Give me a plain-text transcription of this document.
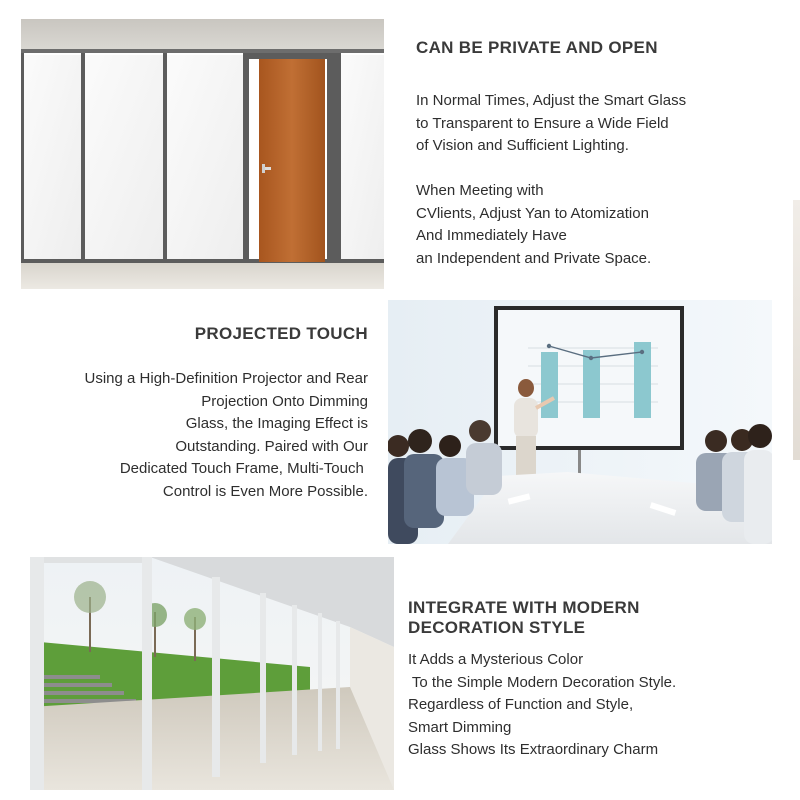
CAN BE PRIVATE AND OPEN
In Normal Times, Adjust the Smart Glass
to Transparent to Ensure a Wide Field
of Vision and Sufficient Lighting.
When Meeting with
CVlients, Adjust Yan to Atomization
And Immediately Have
an Independent and Private Space.
PROJECTED TOUCH
Using a High-Definition Projector and Rear
Projection Onto Dimming
Glass, the Imaging Effect is
Outstanding. Paired with Our
Dedicated Touch Frame, Multi-Touch
Control is Even More Possible.
INTEGRATE WITH MODERN
DECORATION STYLE
It Adds a Mysterious Color
To the Simple Modern Decoration Style.
Regardless of Function and Style,
Smart Dimming
Glass Shows Its Extraordinary Charm
